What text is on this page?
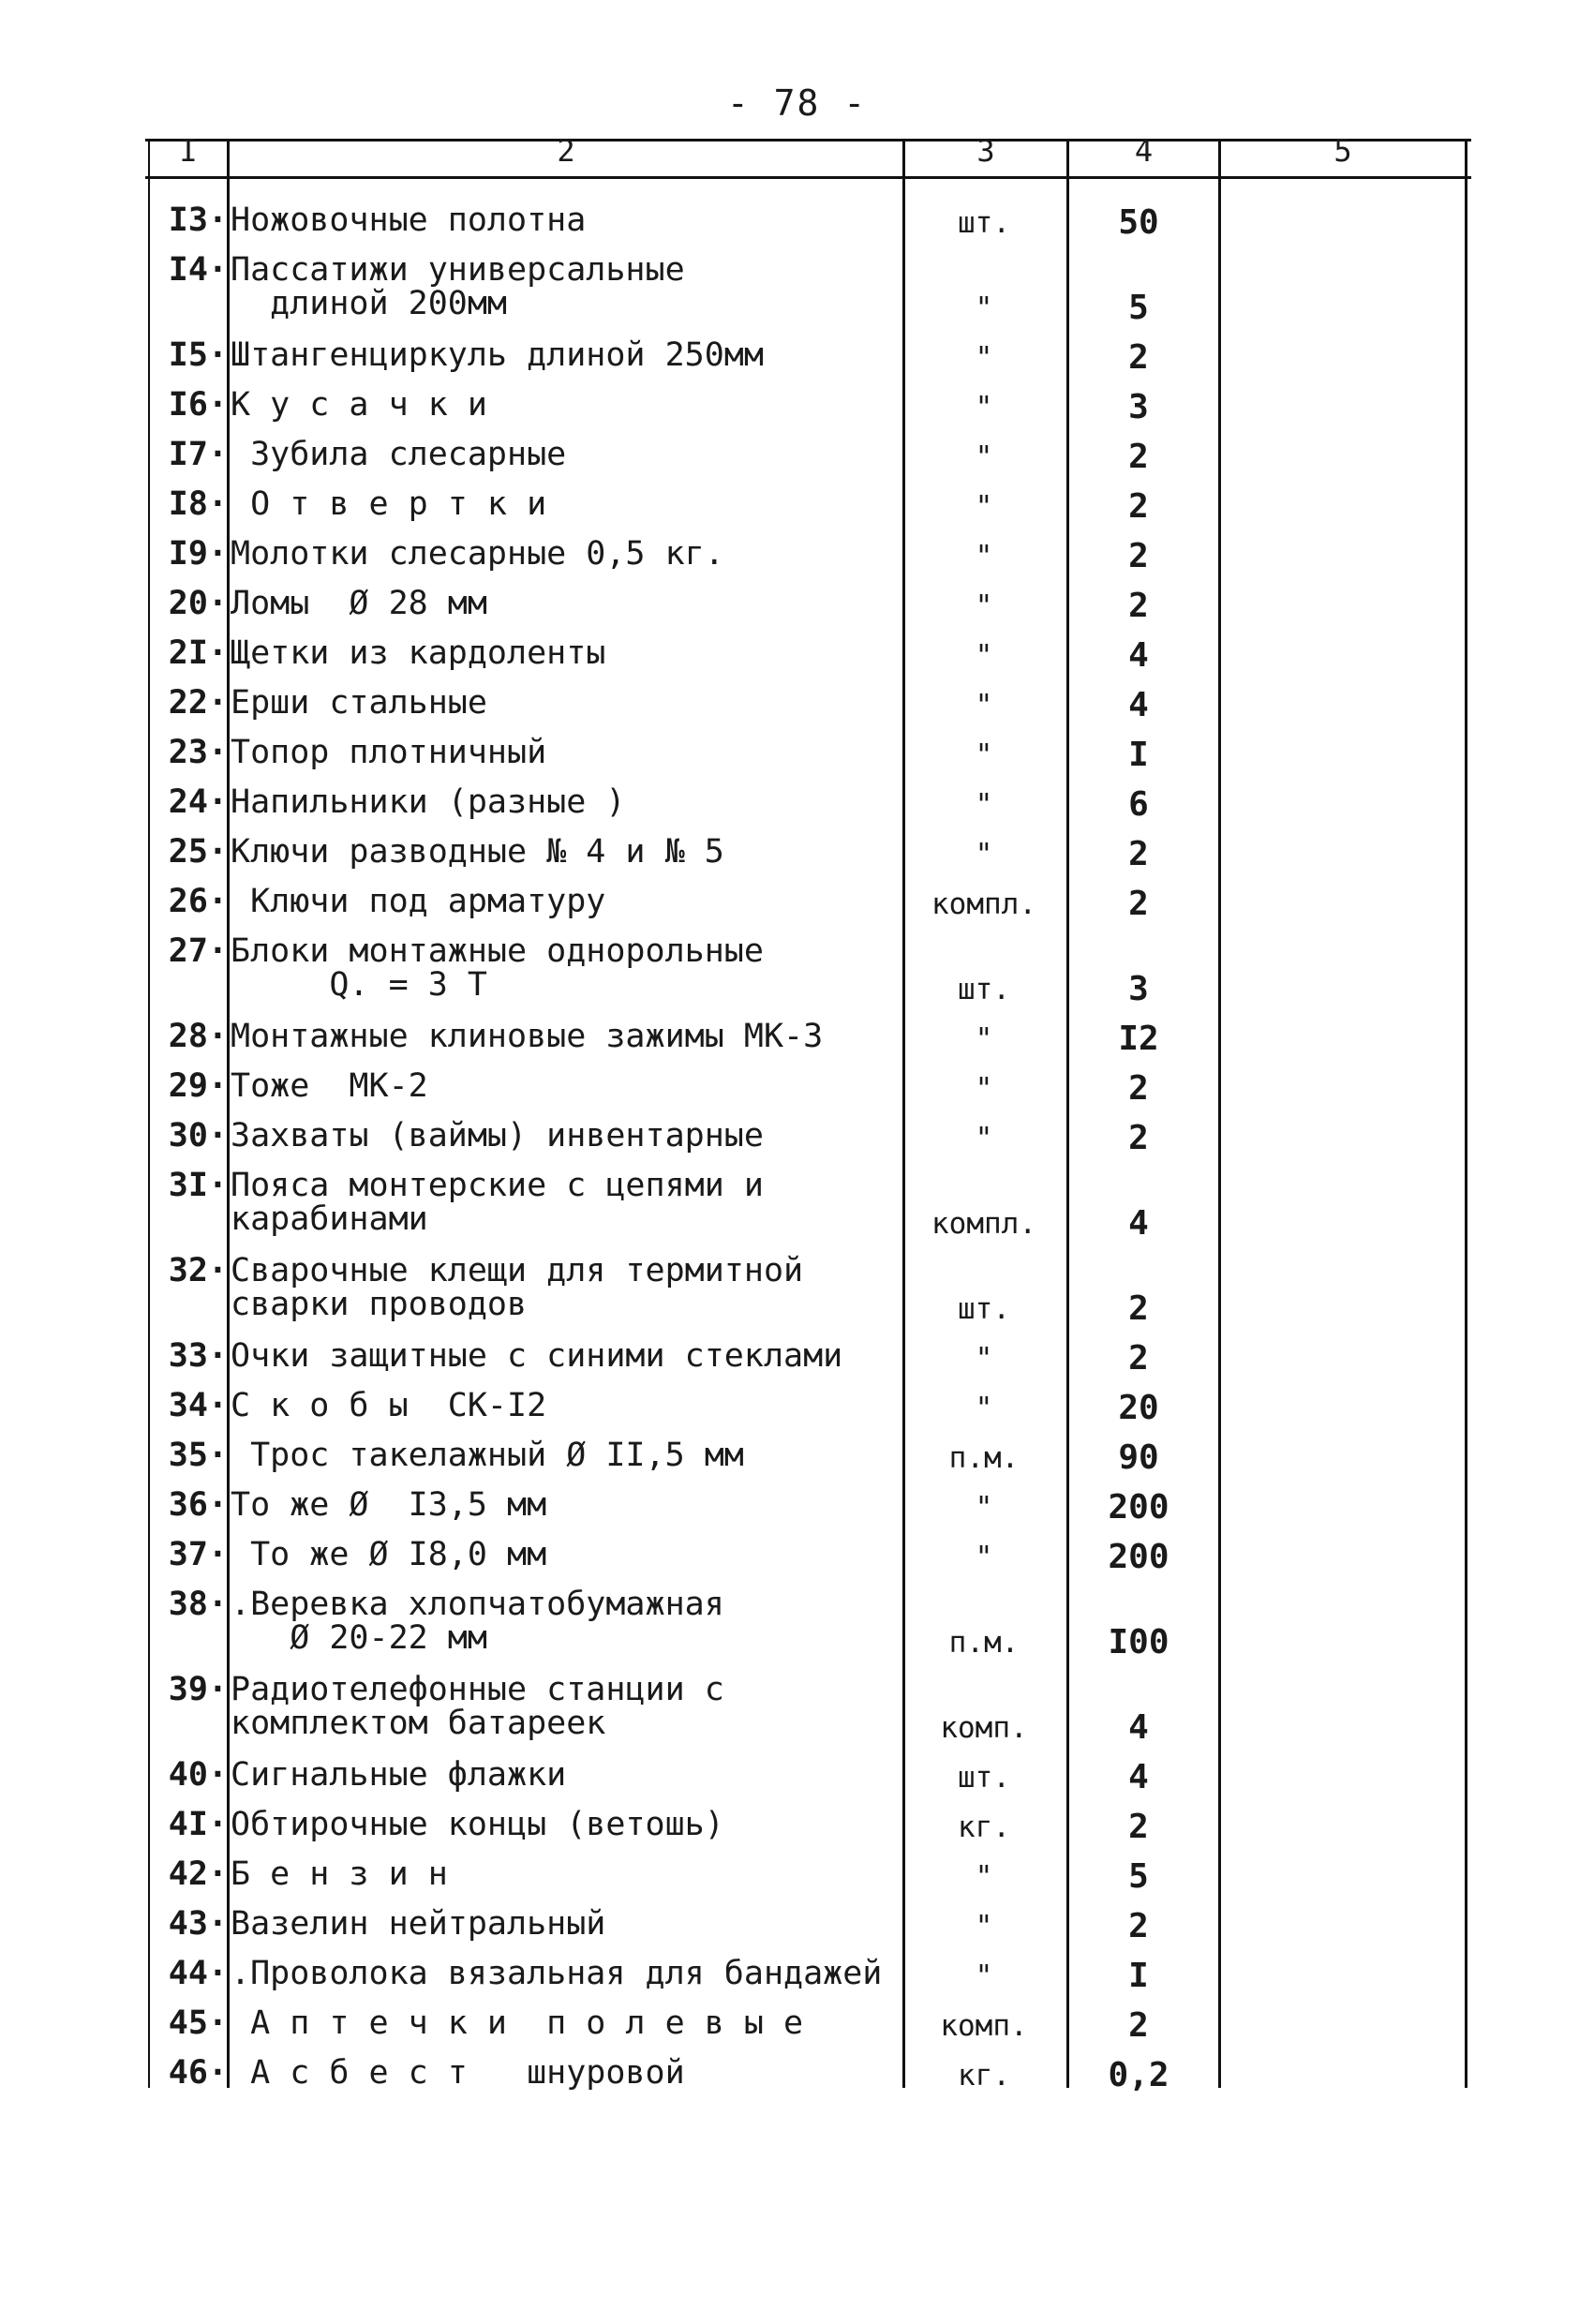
- 78 -
I	2	3	4	5
I3 · Ножовочные полотна	шт.	50
I4 · Пассатижи универсальные
длиной 200мм	"	5
I5 · Штангенциркуль длиной 250мм	"	2
I6 · К у с а ч к и	"	3
I7 · Зубила слесарные	"	2
I8 · О т в е р т к и	"	2
I9 · Молотки слесарные 0,5 кг.	"	2
20 · Ломы  Ø 28 мм	"	2
2I · Щетки из кардоленты	"	4
22 · Ерши стальные	"	4
23 · Топор плотничный	"	I
24 · Напильники (разные )	"	6
25 · Ключи разводные № 4 и № 5	"	2
26 · Ключи под арматуру	компл.	2
27 · Блоки монтажные однорольные
Q. = 3 Т	шт.	3
28 · Монтажные клиновые зажимы МК-3	"	I2
29 · Тоже  МК-2	"	2
30 · Захваты (ваймы) инвентарные	"	2
3I · Пояса монтерские с цепями и
карабинами	компл.	4
32 · Сварочные клещи для термитной
сварки проводов	шт.	2
33 · Очки защитные с синими стеклами	"	2
34 · С к о б ы  СК-I2	"	20
35 · Трос такелажный Ø II,5 мм	п.м.	90
36 · То же Ø  I3,5 мм	"	200
37 · То же Ø I8,0 мм	"	200
38 · .Веревка хлопчатобумажная
Ø 20-22 мм	п.м.	I00
39 · Радиотелефонные станции с
комплектом батареек	комп.	4
40 · Сигнальные флажки	шт.	4
4I · Обтирочные концы (ветошь)	кг.	2
42 · Б е н з и н	"	5
43 · Вазелин нейтральный	"	2
44 · .Проволока вязальная для бандажей	"	I
45 · А п т е ч к и  п о л е в ы е	комп.	2
46 · А с б е с т   шнуровой	кг.	0,2
